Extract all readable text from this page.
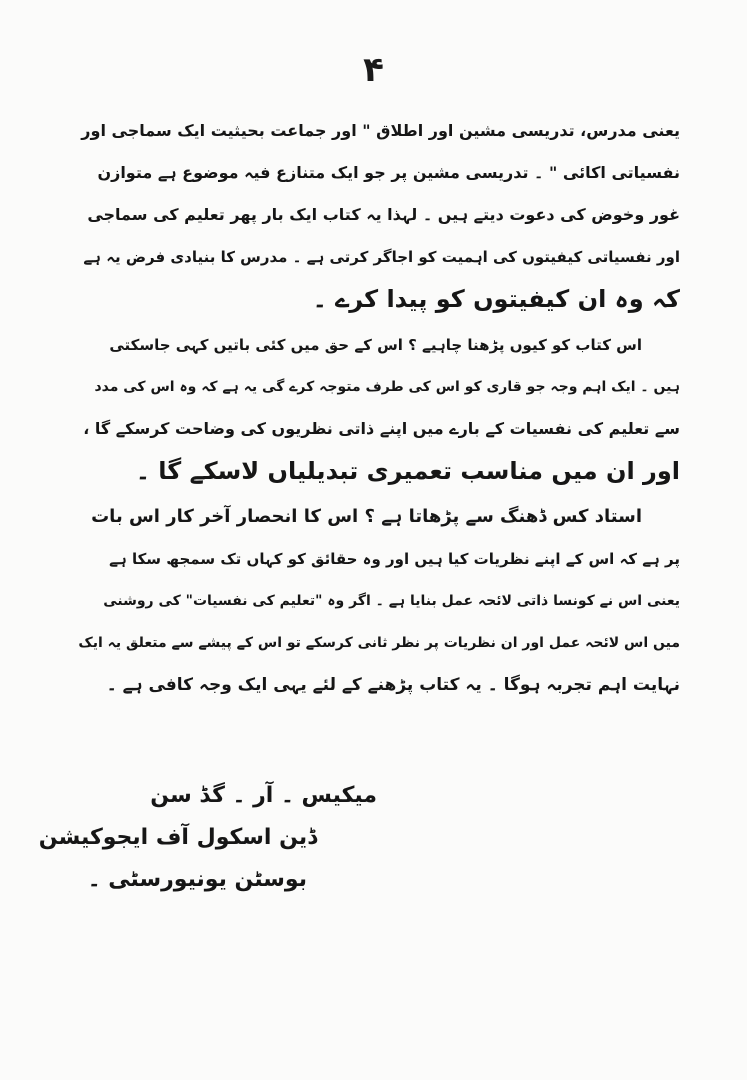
۴

یعنی مدرس، تدریسی مشین اور اطلاق " اور جماعت بحیثیت ایک سماجی اور
نفسیاتی اکائی " ۔ تدریسی مشین پر جو ایک متنازع فیہ موضوع ہے متوازن
غور وخوض کی دعوت دیتے ہیں ۔ لہذا یہ کتاب ایک بار پھر تعلیم کی سماجی
اور نفسیاتی کیفیتوں کی اہمیت کو اجاگر کرتی ہے ۔ مدرس کا بنیادی فرض یہ ہے
کہ وہ ان کیفیتوں کو پیدا کرے ۔

اس کتاب کو کیوں پڑھنا چاہیے ؟ اس کے حق میں کئی باتیں کہی جاسکتی
ہیں ۔ ایک اہم وجہ جو قاری کو اس کی طرف متوجہ کرے گی یہ ہے کہ وہ اس کی مدد
سے تعلیم کی نفسیات کے بارے میں اپنے ذاتی نظریوں کی وضاحت کرسکے گا ،
اور ان میں مناسب تعمیری تبدیلیاں لاسکے گا ۔

استاد کس ڈھنگ سے پڑھاتا ہے ؟ اس کا انحصار آخر کار اس بات
پر ہے کہ اس کے اپنے نظریات کیا ہیں اور وہ حقائق کو کہاں تک سمجھ سکا ہے
یعنی اس نے کونسا ذاتی لائحہ عمل بنایا ہے ۔ اگر وہ "تعلیم کی نفسیات" کی روشنی
میں اس لائحہ عمل اور ان نظریات پر نظر ثانی کرسکے تو اس کے پیشے سے متعلق یہ ایک
نہایت اہم تجربہ ہوگا ۔ یہ کتاب پڑھنے کے لئے یہی ایک وجہ کافی ہے ۔

میکیس ۔ آر ۔ گڈ سن
ڈین اسکول آف ایجوکیشن
بوسٹن یونیورسٹی ۔
